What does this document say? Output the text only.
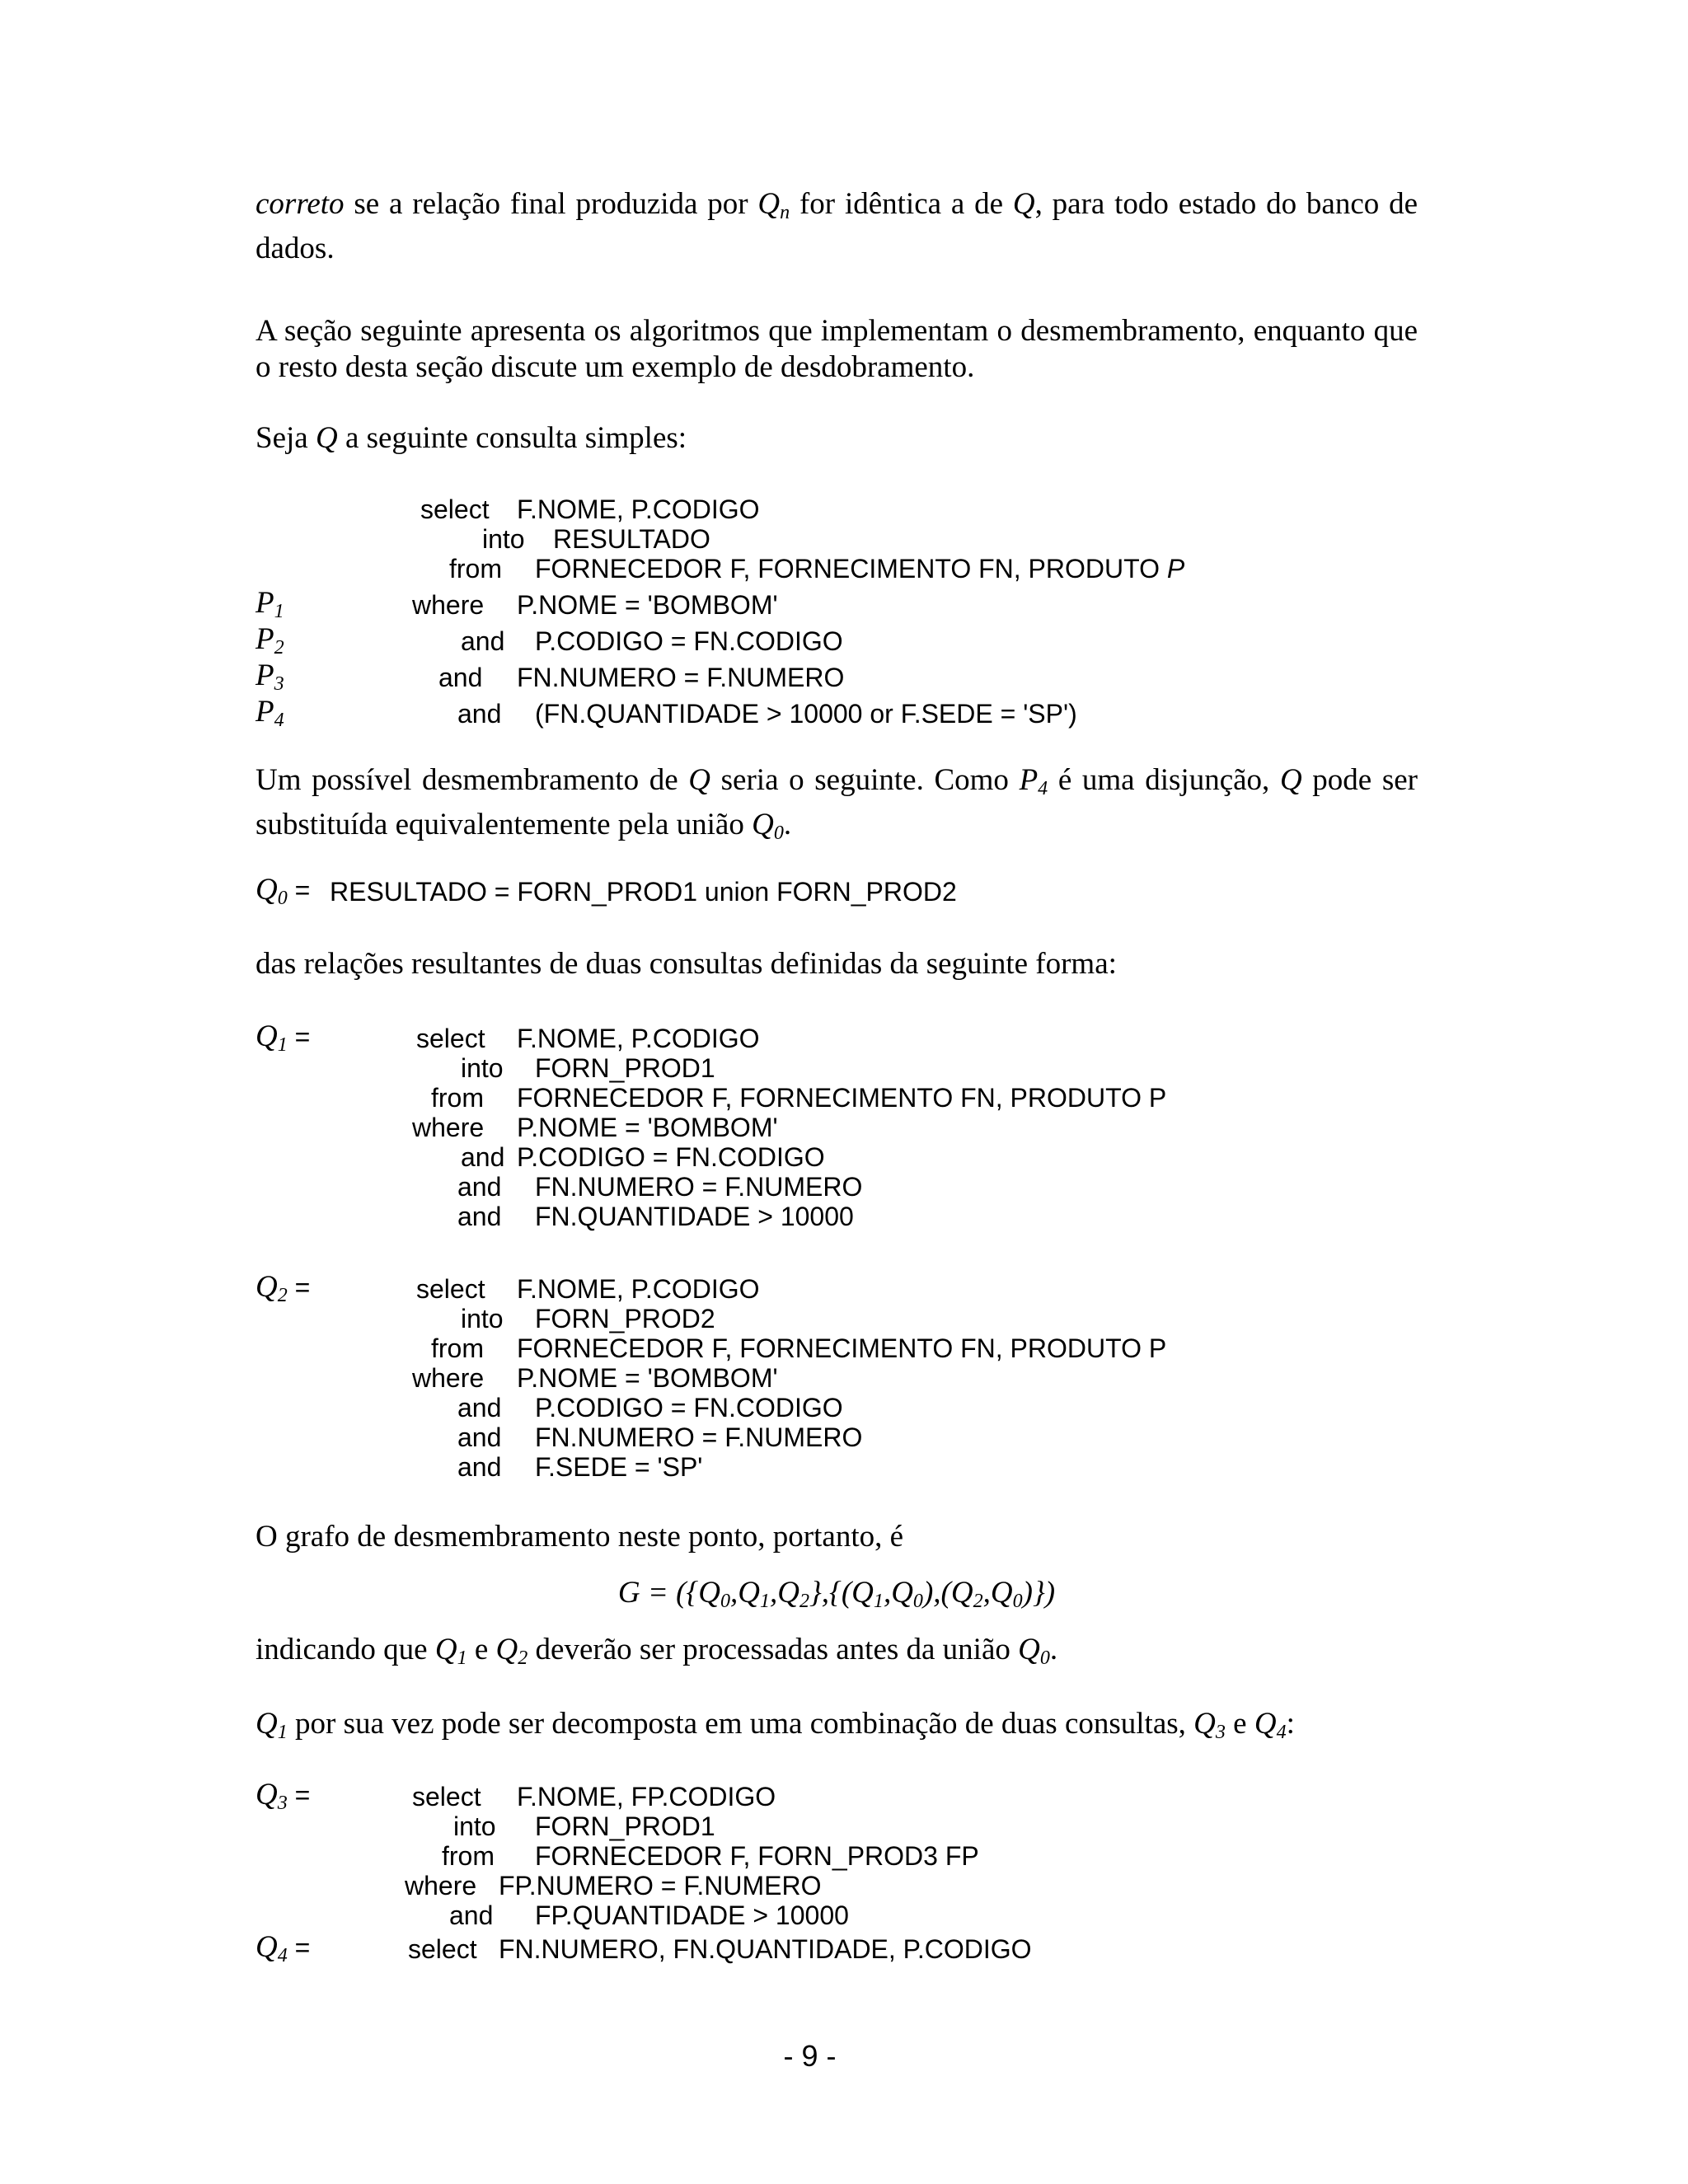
correto se a relação final produzida por $Q_n$ for idêntica a de Q, para todo estado do banco de dados.
A seção seguinte apresenta os algoritmos que implementam o desmembramento, enquanto que o resto desta seção discute um exemplo de desdobramento.
Seja Q a seguinte consulta simples:
select F.NOME, P.CODIGO
into RESULTADO
from FORNECEDOR F, FORNECIMENTO FN, PRODUTO P
$P_1$	where P.NOME = 'BOMBOM'
$P_2$	and P.CODIGO = FN.CODIGO
$P_3$	and FN.NUMERO = F.NUMERO
$P_4$	and (FN.QUANTIDADE > 10000 or F.SEDE = 'SP')
Um possível desmembramento de Q seria o seguinte. Como $P_4$ é uma disjunção, Q pode ser substituída equivalentemente pela união $Q_0$.
$Q_0$ = RESULTADO = FORN_PROD1 union FORN_PROD2
das relações resultantes de duas consultas definidas da seguinte forma:
$Q_1$ =	select F.NOME, P.CODIGO
into FORN_PROD1
from FORNECEDOR F, FORNECIMENTO FN, PRODUTO P
where P.NOME = 'BOMBOM'
and P.CODIGO = FN.CODIGO
and FN.NUMERO = F.NUMERO
and FN.QUANTIDADE > 10000
$Q_2$ =	select F.NOME, P.CODIGO
into FORN_PROD2
from FORNECEDOR F, FORNECIMENTO FN, PRODUTO P
where P.NOME = 'BOMBOM'
and P.CODIGO = FN.CODIGO
and FN.NUMERO = F.NUMERO
and F.SEDE = 'SP'
O grafo de desmembramento neste ponto, portanto, é
$G = (\{Q_0,Q_1,Q_2\},\{(Q_1,Q_0),(Q_2,Q_0)\})$
indicando que $Q_1$ e $Q_2$ deverão ser processadas antes da união $Q_0$.
$Q_1$ por sua vez pode ser decomposta em uma combinação de duas consultas, $Q_3$ e $Q_4$:
$Q_3$ =	select F.NOME, FP.CODIGO
into FORN_PROD1
from FORNECEDOR F, FORN_PROD3 FP
where FP.NUMERO = F.NUMERO
and FP.QUANTIDADE > 10000
$Q_4$ =	select FN.NUMERO, FN.QUANTIDADE, P.CODIGO
- 9 -
